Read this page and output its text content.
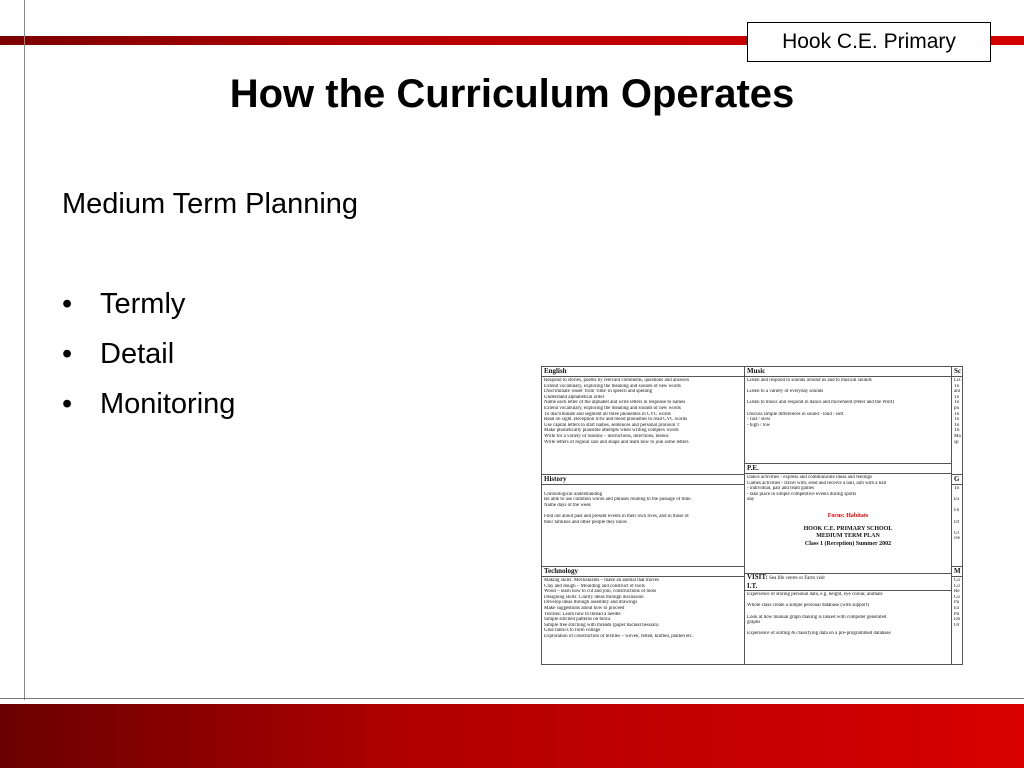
Hook C.E. Primary
How the Curriculum Operates
Medium Term Planning
• Termly
• Detail
• Monitoring
English
Respond to stories, poems by relevant comments, questions and answers
Extend vocabulary, exploring the meaning and sounds of new words
Discriminate 'onset' from 'rime' in speech and spelling
Understand alphabetical order
Name each letter of the alphabet and write letters in response to names
Extend vocabulary, exploring the meaning and sounds of new words
To discriminate and segment all three phonemes in CVC words
Read on sight. Reception h/fw and blend phonemes to read CVC words
Use capital letters to start names, sentences and personal pronoun 'I'
Make phonetically plausible attempts when writing complex words
Write for a variety of reasons – instructions, directions, menus
Write letters of regular size and shape and learn how to join some letters
History

Chronological understanding
Be able to use common words and phrases relating to the passage of time.
Name days of the week

Find out about past and present events in their own lives, and in those of
their families and other people they know
Technology
Making skills: Mechanisms – make an animal that moves
Clay and dough – Moulding and construct of tools
Wood – learn how to cut and join, constructions of tools
Designing skills: Clarify ideas through discussion
Develop ideas through assembly and drawings
Make suggestions about how to proceed
Textiles: Learn how to thread a needle
Simple stitched patterns on binca
Simple free stitching with threads (paper backed hessian)
Glue fabrics to form collage
Exploration of construction of textiles – woven, felted, knitted, plaited etc.
Music
Listen and respond to sounds around us and to musical sounds

Listen to a variety of everyday sounds

Listen to music and respond in dance and movement (Peter and the Wolf)

Discuss simple differences in sound - loud / soft
- fast / slow
- high / low
P.E.
Dance activities - express and communicate ideas and feelings
Games activities - travel with, send and receive a ball, aim with a ball
- individual, pair and team games
- take place in simple competitive events during sports
day
Focus: Habitats
HOOK C.E. PRIMARY SCHOOL
MEDIUM TERM PLAN
Class 1 (Reception) Summer 2002
VISIT: Sea life centre or Farm visit
I.T.
Experience of storing personal data, e.g. height, eye colour, animals

Whole class create a simple personal database (with support)

Look at how manual graph making is linked with computer generated
graphs

Experience of sorting & classifying data on a pre-programmed database
Sc
Lis
To
anl
To
To
pu
To
To
To
Th
Ma
sp
G
To

Ex

Fo

Dr

Ur
cle
M
Co
Co
Re
Co
Pa
Ex
Pu
Do
Or
